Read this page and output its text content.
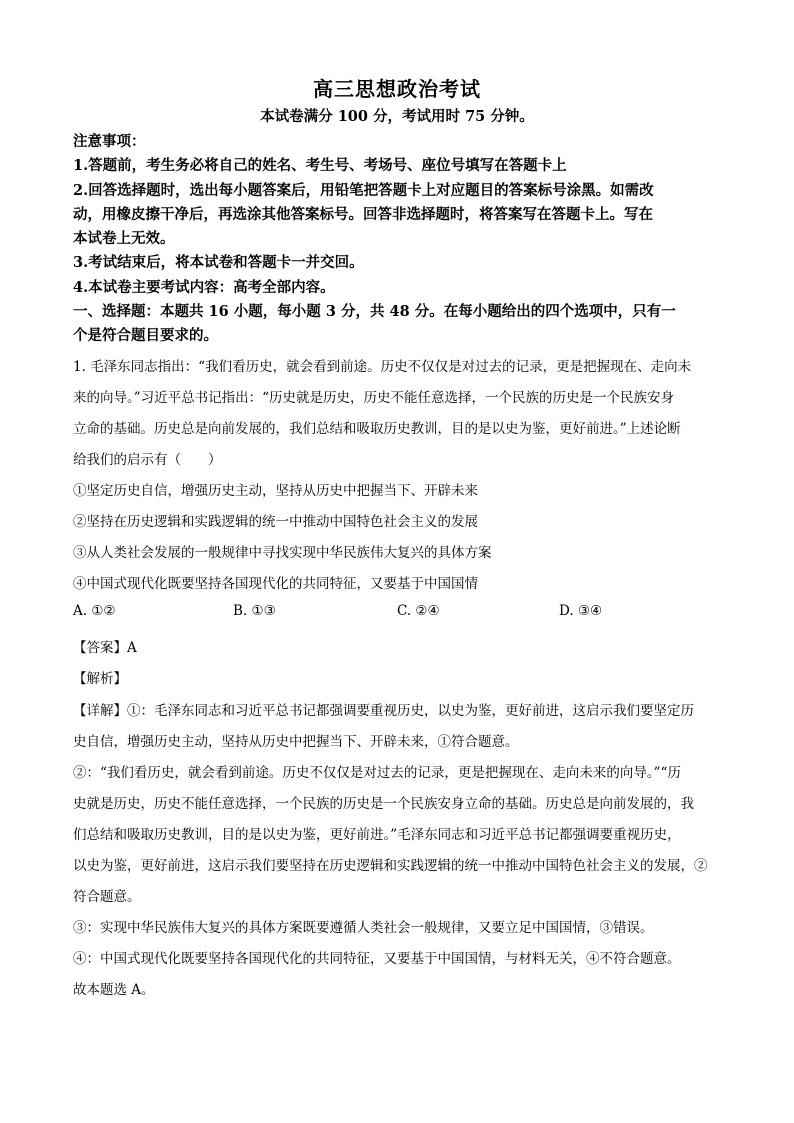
高三思想政治考试
本试卷满分 100 分，考试用时 75 分钟。

注意事项：

1.答题前，考生务必将自己的姓名、考生号、考场号、座位号填写在答题卡上

2.回答选择题时，选出每小题答案后，用铅笔把答题卡上对应题目的答案标号涂黑。如需改

动，用橡皮擦干净后，再选涂其他答案标号。回答非选择题时，将答案写在答题卡上。写在

本试卷上无效。

3.考试结束后，将本试卷和答题卡一并交回。

4.本试卷主要考试内容：高考全部内容。

一、选择题：本题共 16 小题，每小题 3 分，共 48 分。在每小题给出的四个选项中，只有一

个是符合题目要求的。

1. 毛泽东同志指出：“我们看历史，就会看到前途。历史不仅仅是对过去的记录，更是把握现在、走向未

来的向导。”习近平总书记指出：“历史就是历史，历史不能任意选择，一个民族的历史是一个民族安身

立命的基础。历史总是向前发展的，我们总结和吸取历史教训，目的是以史为鉴，更好前进。”上述论断

给我们的启示有（　　）

①坚定历史自信，增强历史主动，坚持从历史中把握当下、开辟未来

②坚持在历史逻辑和实践逻辑的统一中推动中国特色社会主义的发展

③从人类社会发展的一般规律中寻找实现中华民族伟大复兴的具体方案

④中国式现代化既要坚持各国现代化的共同特征，又要基于中国国情

A. ①②	B. ①③	C. ②④	D. ③④
【答案】A
【解析】

【详解】①：毛泽东同志和习近平总书记都强调要重视历史，以史为鉴，更好前进，这启示我们要坚定历

史自信，增强历史主动，坚持从历史中把握当下、开辟未来，①符合题意。

②：“我们看历史，就会看到前途。历史不仅仅是对过去的记录，更是把握现在、走向未来的向导。”“历

史就是历史，历史不能任意选择，一个民族的历史是一个民族安身立命的基础。历史总是向前发展的，我

们总结和吸取历史教训，目的是以史为鉴，更好前进。”毛泽东同志和习近平总书记都强调要重视历史，

以史为鉴，更好前进，这启示我们要坚持在历史逻辑和实践逻辑的统一中推动中国特色社会主义的发展，②

符合题意。

③：实现中华民族伟大复兴的具体方案既要遵循人类社会一般规律，又要立足中国国情，③错误。

④：中国式现代化既要坚持各国现代化的共同特征，又要基于中国国情，与材料无关，④不符合题意。

故本题选 A。
